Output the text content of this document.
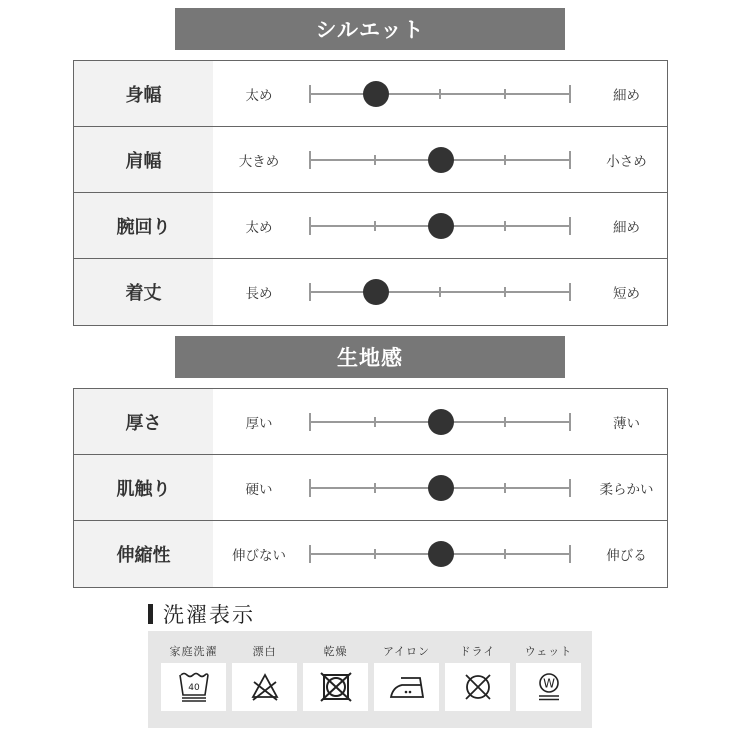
シルエット
身幅	太め	細め
肩幅	大きめ	小さめ
腕回り	太め	細め
着丈	長め	短め
生地感
厚さ	厚い	薄い
肌触り	硬い	柔らかい
伸縮性	伸びない	伸びる
洗濯表示
家庭洗濯
40
漂白	乾燥	アイロン	ドライ	ウェット
W
